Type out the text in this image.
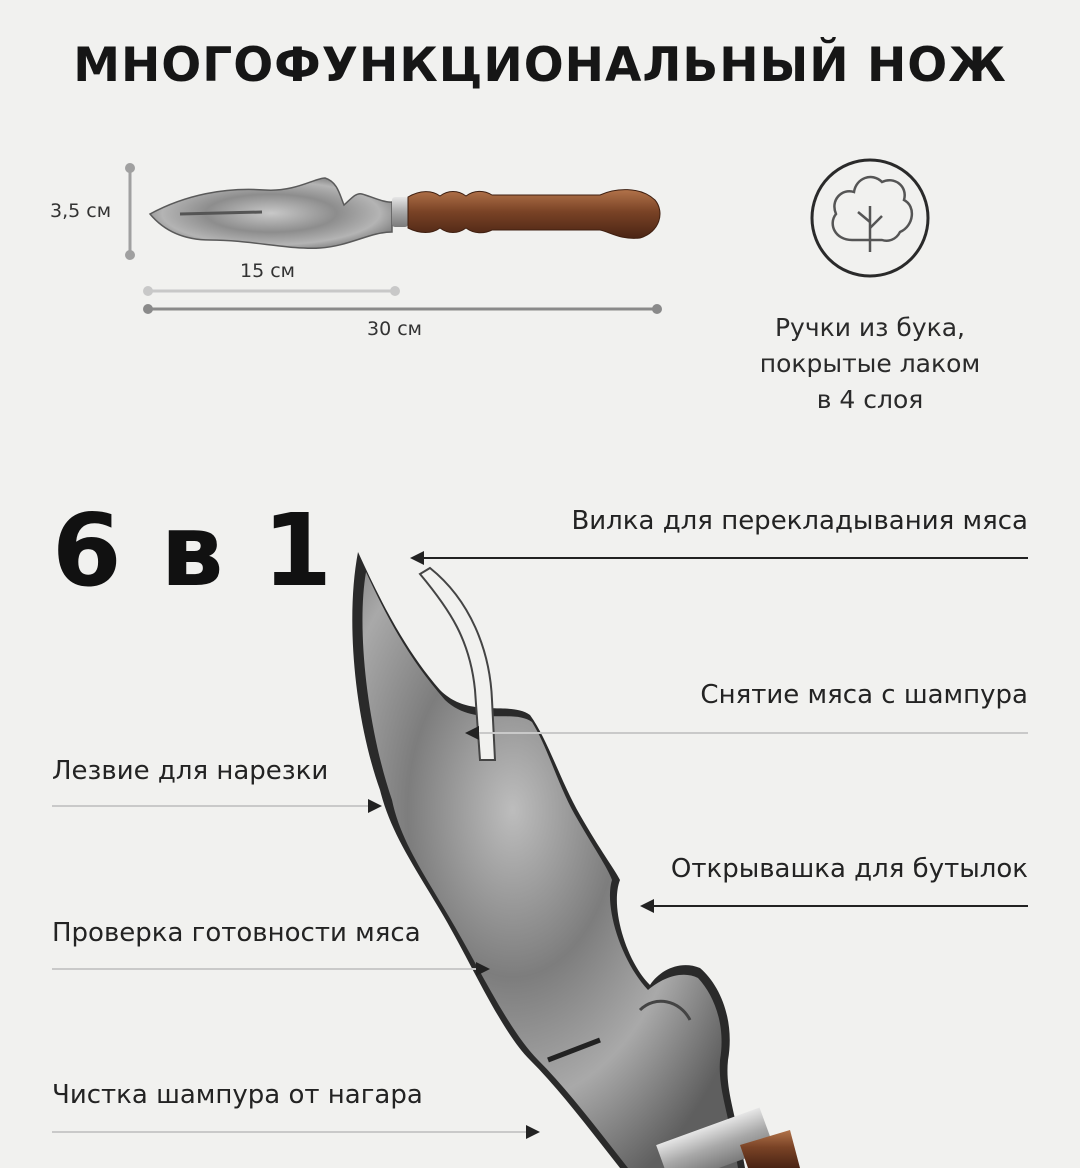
МНОГОФУНКЦИОНАЛЬНЫЙ НОЖ
3,5 см
15 см
30 см	Ручки из бука,
покрытые лаком
в 4 слоя
6 в 1	Вилка для перекладывания мяса
Снятие мяса с шампура
Лезвие для нарезки
Открывашка для бутылок
Проверка готовности мяса
Чистка шампура от нагара
